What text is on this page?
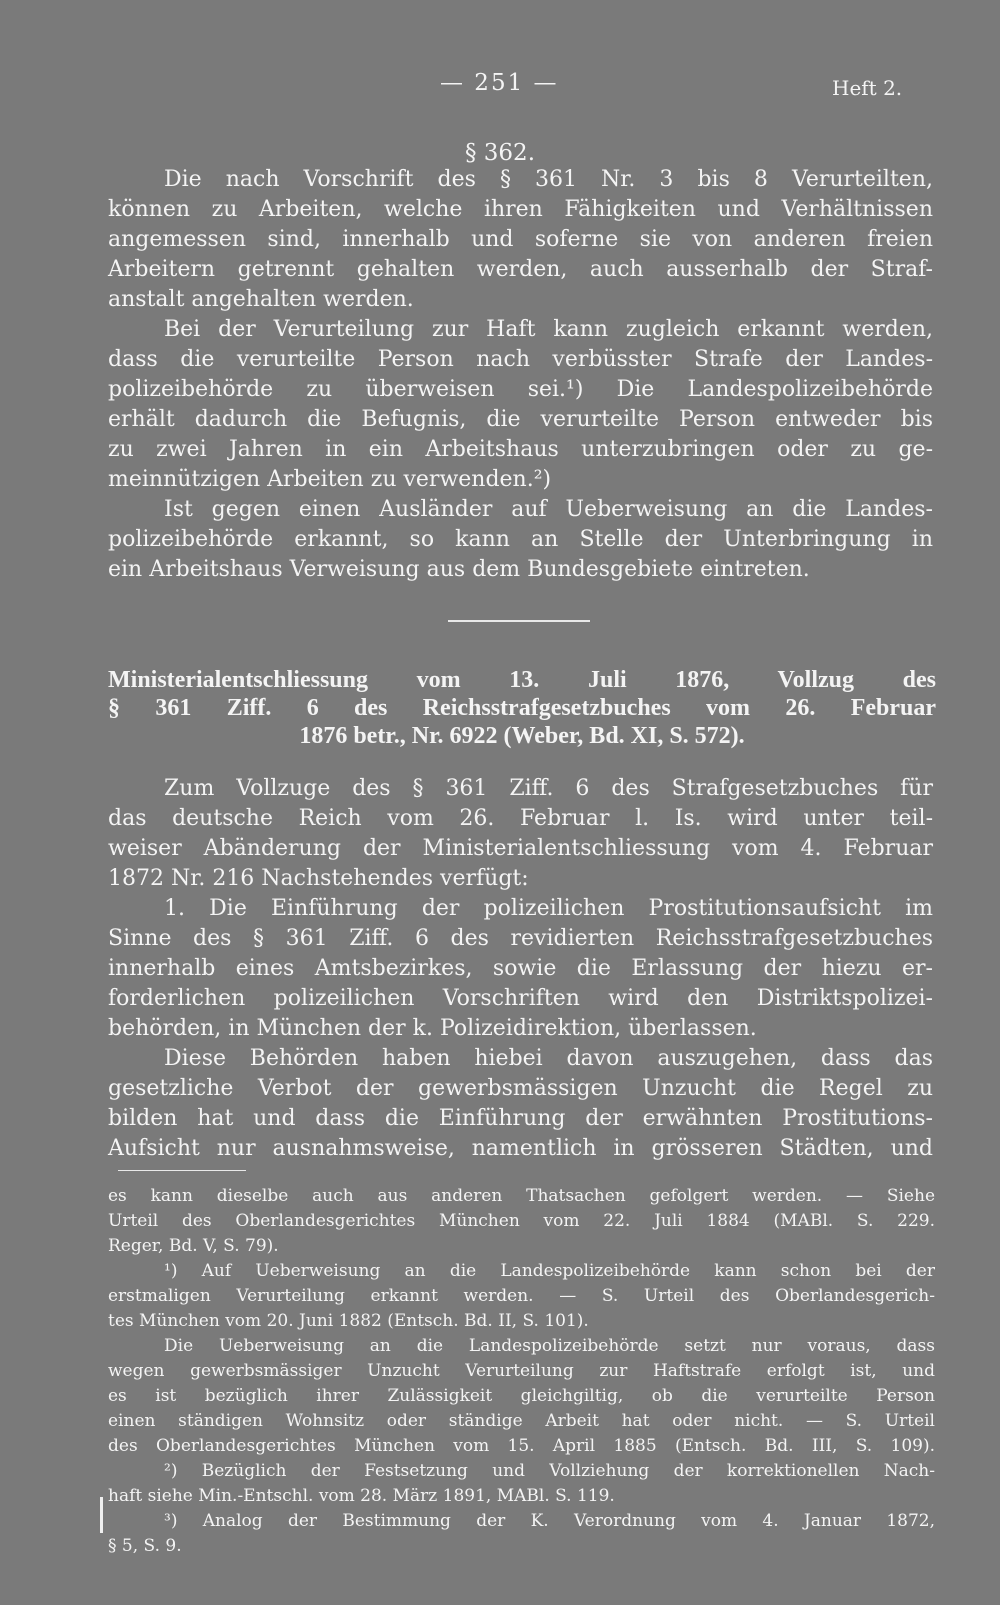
— 251 —	Heft 2.
§ 362.
Die nach Vorschrift des § 361 Nr. 3 bis 8 Verurteilten,
können zu Arbeiten, welche ihren Fähigkeiten und Verhältnissen
angemessen sind, innerhalb und soferne sie von anderen freien
Arbeitern getrennt gehalten werden, auch ausserhalb der Straf-
anstalt angehalten werden.
Bei der Verurteilung zur Haft kann zugleich erkannt werden,
dass die verurteilte Person nach verbüsster Strafe der Landes-
polizeibehörde zu überweisen sei.¹) Die Landespolizeibehörde
erhält dadurch die Befugnis, die verurteilte Person entweder bis
zu zwei Jahren in ein Arbeitshaus unterzubringen oder zu ge-
meinnützigen Arbeiten zu verwenden.²)
Ist gegen einen Ausländer auf Ueberweisung an die Landes-
polizeibehörde erkannt, so kann an Stelle der Unterbringung in
ein Arbeitshaus Verweisung aus dem Bundesgebiete eintreten.
Ministerialentschliessung vom 13. Juli 1876, Vollzug des
§ 361 Ziff. 6 des Reichsstrafgesetzbuches vom 26. Februar
1876 betr., Nr. 6922 (Weber, Bd. XI, S. 572).
Zum Vollzuge des § 361 Ziff. 6 des Strafgesetzbuches für
das deutsche Reich vom 26. Februar l. Is. wird unter teil-
weiser Abänderung der Ministerialentschliessung vom 4. Februar
1872 Nr. 216 Nachstehendes verfügt:
1. Die Einführung der polizeilichen Prostitutionsaufsicht im
Sinne des § 361 Ziff. 6 des revidierten Reichsstrafgesetzbuches
innerhalb eines Amtsbezirkes, sowie die Erlassung der hiezu er-
forderlichen polizeilichen Vorschriften wird den Distriktspolizei-
behörden, in München der k. Polizeidirektion, überlassen.
Diese Behörden haben hiebei davon auszugehen, dass das
gesetzliche Verbot der gewerbsmässigen Unzucht die Regel zu
bilden hat und dass die Einführung der erwähnten Prostitutions-
Aufsicht nur ausnahmsweise, namentlich in grösseren Städten, und
es kann dieselbe auch aus anderen Thatsachen gefolgert werden. — Siehe
Urteil des Oberlandesgerichtes München vom 22. Juli 1884 (MABl. S. 229.
Reger, Bd. V, S. 79).
¹) Auf Ueberweisung an die Landespolizeibehörde kann schon bei der
erstmaligen Verurteilung erkannt werden. — S. Urteil des Oberlandesgerich-
tes München vom 20. Juni 1882 (Entsch. Bd. II, S. 101).
Die Ueberweisung an die Landespolizeibehörde setzt nur voraus, dass
wegen gewerbsmässiger Unzucht Verurteilung zur Haftstrafe erfolgt ist, und
es ist bezüglich ihrer Zulässigkeit gleichgiltig, ob die verurteilte Person
einen ständigen Wohnsitz oder ständige Arbeit hat oder nicht. — S. Urteil
des Oberlandesgerichtes München vom 15. April 1885 (Entsch. Bd. III, S. 109).
²) Bezüglich der Festsetzung und Vollziehung der korrektionellen Nach-
haft siehe Min.-Entschl. vom 28. März 1891, MABl. S. 119.
³) Analog der Bestimmung der K. Verordnung vom 4. Januar 1872,
§ 5, S. 9.
